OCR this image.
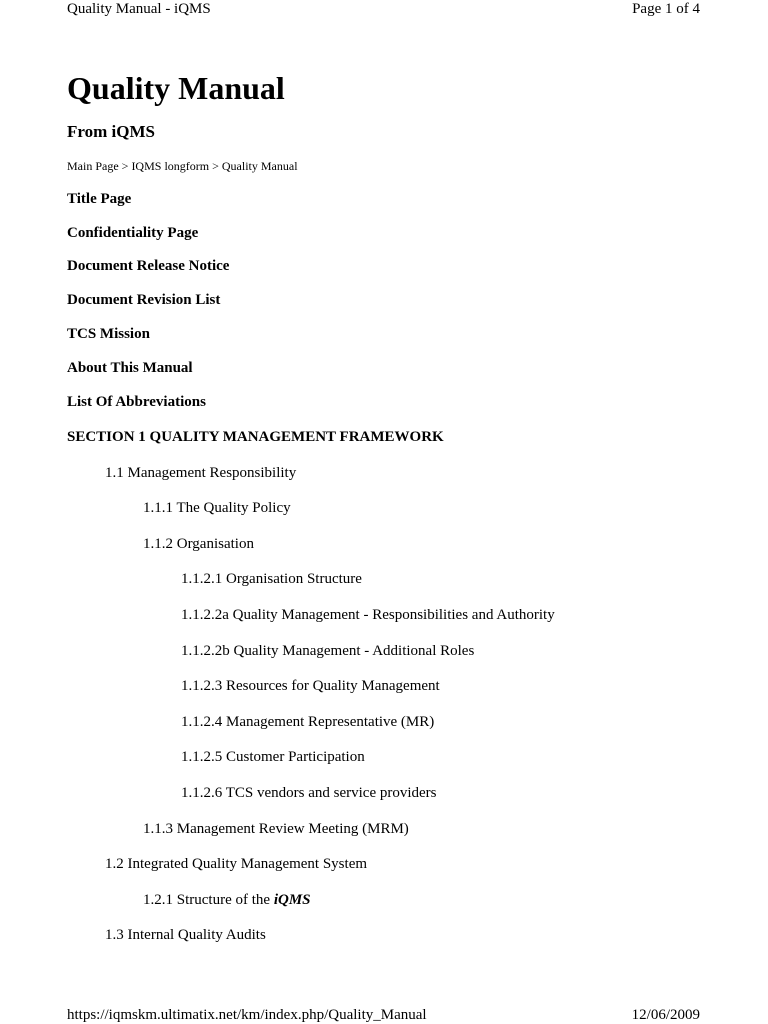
Quality Manual - iQMS	Page 1 of 4
Quality Manual
From iQMS
Main Page > IQMS longform > Quality Manual
Title Page
Confidentiality Page
Document Release Notice
Document Revision List
TCS Mission
About This Manual
List Of Abbreviations
SECTION 1 QUALITY MANAGEMENT FRAMEWORK
1.1 Management Responsibility
1.1.1 The Quality Policy
1.1.2 Organisation
1.1.2.1 Organisation Structure
1.1.2.2a Quality Management - Responsibilities and Authority
1.1.2.2b Quality Management - Additional Roles
1.1.2.3 Resources for Quality Management
1.1.2.4 Management Representative (MR)
1.1.2.5 Customer Participation
1.1.2.6 TCS vendors and service providers
1.1.3 Management Review Meeting (MRM)
1.2 Integrated Quality Management System
1.2.1 Structure of the iQMS
1.3 Internal Quality Audits
https://iqmskm.ultimatix.net/km/index.php/Quality_Manual	12/06/2009
